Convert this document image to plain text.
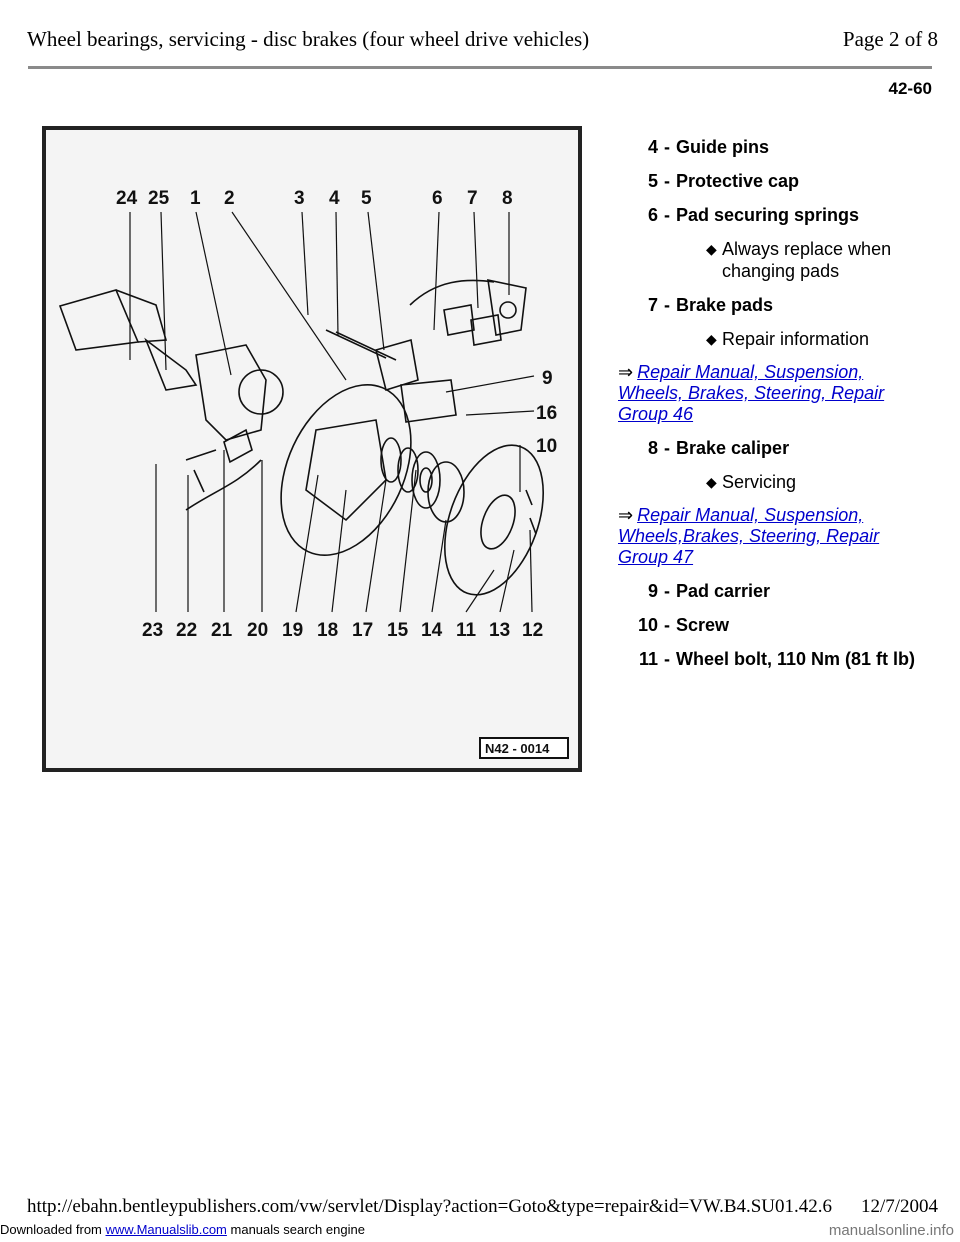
Wheel bearings, servicing - disc brakes (four wheel drive vehicles)	Page 2 of 8
42-60
24 25 1 2	3 4 5	6 7 8
9
16
10
23 22 21 20 19 18 17 15 14 11 13 12
N42 - 0014
4-Guide pins
5-Protective cap
6-Pad securing springs
◆ Always replace when changing pads
7-Brake pads
◆ Repair information
⇒ Repair Manual, Suspension, Wheels, Brakes, Steering, Repair Group 46
8-Brake caliper
◆ Servicing
⇒ Repair Manual, Suspension, Wheels,Brakes, Steering, Repair Group 47
9-Pad carrier
10-Screw
11-Wheel bolt, 110 Nm (81 ft lb)
http://ebahn.bentleypublishers.com/vw/servlet/Display?action=Goto&type=repair&id=VW.B4.SU01.42.6 12/7/2004
Downloaded from www.Manualslib.com manuals search engine	manualsonline.info
